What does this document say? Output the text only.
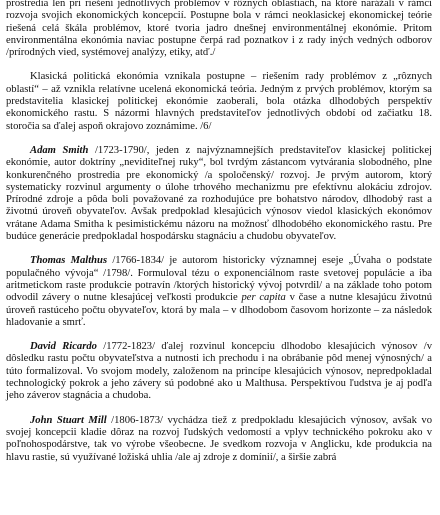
prostredia len pri riešení jednotlivých problémov v rôznych oblastiach, na ktoré narážali v rámci rozvoja svojich ekonomických koncepcií. Postupne bola v rámci neoklasickej ekonomickej teórie riešená celá škála problémov, ktoré tvoria jadro dnešnej environmentálnej ekonómie. Pritom environmentálna ekonómia naviac postupne čerpá rad poznatkov i z rady iných vedných odborov /prírodných vied, systémovej analýzy, etiky, atď./

Klasická politická ekonómia vznikala postupne – riešením rady problémov z „rôznych oblastí“ – až vznikla relatívne ucelená ekonomická teória. Jedným z prvých problémov, ktorým sa predstavitelia klasickej politickej ekonómie zaoberali, bola otázka dlhodobých perspektív ekonomického rastu. S názormi hlavných predstaviteľov jednotlivých období od začiatku 18. storočia sa ďalej aspoň okrajovo zoznámime. /6/

Adam Smith /1723-1790/, jeden z najvýznamnejších predstaviteľov klasickej politickej ekonómie, autor doktríny „neviditeľnej ruky“, bol tvrdým zástancom vytvárania slobodného, plne konkurenčného prostredia pre ekonomický /a spoločenský/ rozvoj. Je prvým autorom, ktorý systematicky rozvinul argumenty o úlohe trhového mechanizmu pre efektívnu alokáciu zdrojov. Prírodné zdroje a pôda boli považované za rozhodujúce pre bohatstvo národov, dlhodobý rast a životnú úroveň obyvateľov. Avšak predpoklad klesajúcich výnosov viedol klasických ekonómov vrátane Adama Smitha k pesimistickému názoru na možnosť dlhodobého ekonomického rastu. Pre budúce generácie predpokladal hospodársku stagnáciu a chudobu obyvateľov.

Thomas Malthus /1766-1834/ je autorom historicky významnej eseje „Úvaha o podstate populačného vývoja“ /1798/. Formuloval tézu o exponenciálnom raste svetovej populácie a iba aritmetickom raste produkcie potravín /ktorých historický vývoj potvrdil/ a na základe toho potom odvodil závery o nutne klesajúcej veľkosti produkcie per capita v čase a nutne klesajúcu životnú úroveň rastúceho počtu obyvateľov, ktorá by mala – v dlhodobom časovom horizonte – za následok hladovanie a smrť.

David Ricardo /1772-1823/ ďalej rozvinul koncepciu dlhodobo klesajúcich výnosov /v dôsledku rastu počtu obyvateľstva a nutnosti ich prechodu i na obrábanie pôd menej výnosných/ a túto formalizoval. Vo svojom modely, založenom na princípe klesajúcich výnosov, nepredpokladal technologický pokrok a jeho závery sú podobné ako u Malthusa. Perspektívou ľudstva je aj podľa jeho záverov stagnácia a chudoba.

John Stuart Mill /1806-1873/ vychádza tiež z predpokladu klesajúcich výnosov, avšak vo svojej koncepcii kladie dôraz na rozvoj ľudských vedomostí a vplyv technického pokroku ako v poľnohospodárstve, tak vo výrobe všeobecne. Je svedkom rozvoja v Anglicku, kde produkcia na hlavu rastie, sú využívané ložiská uhlia /ale aj zdroje z domínií/, a širšie zabrá
